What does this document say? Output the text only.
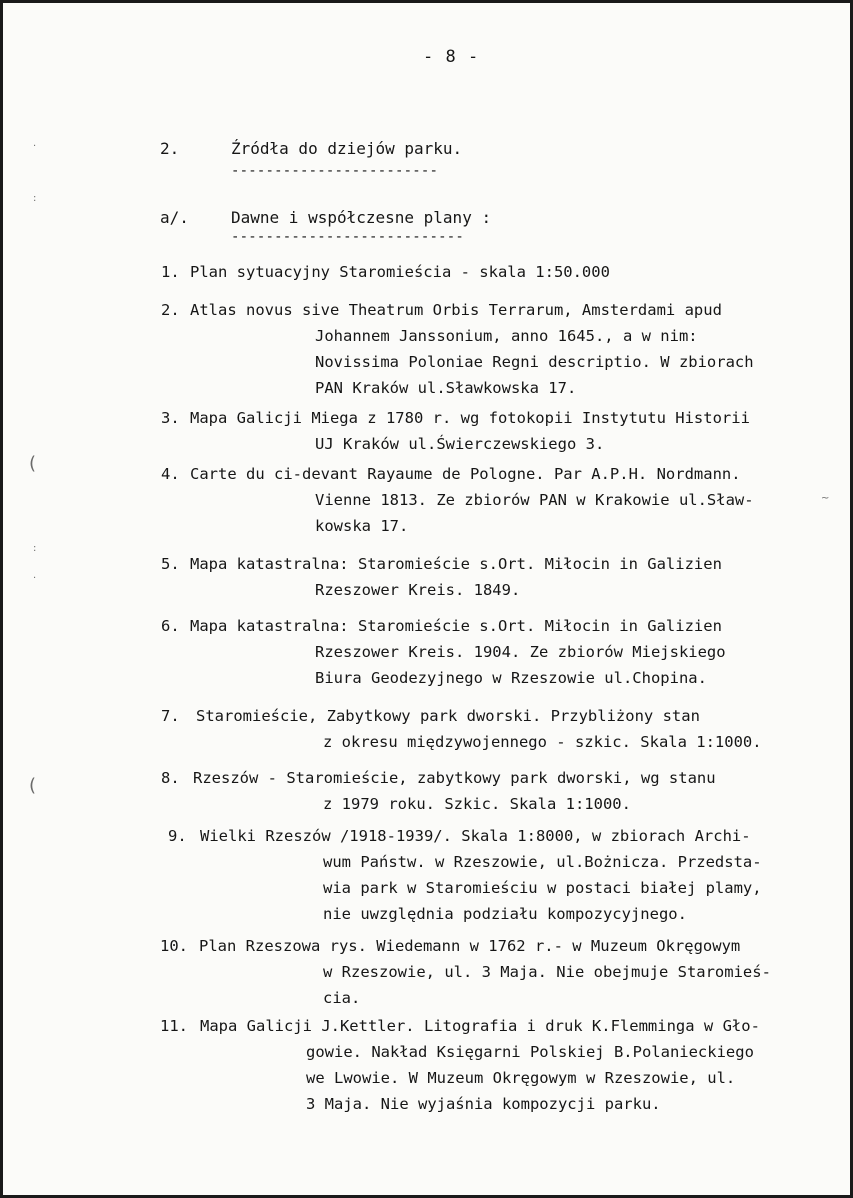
- 8 -
2.	Źródła do dziejów parku.
------------------------
a/.	Dawne i współczesne plany :
---------------------------
1. Plan sytuacyjny Staromieścia - skala 1:50.000
2. Atlas novus sive Theatrum Orbis Terrarum, Amsterdami apud
Johannem Janssonium, anno 1645., a w nim:
Novissima Poloniae Regni descriptio. W zbiorach
PAN Kraków ul.Sławkowska 17.
3. Mapa Galicji Miega z 1780 r. wg fotokopii Instytutu Historii
UJ Kraków ul.Świerczewskiego 3.
4. Carte du ci-devant Rayaume de Pologne. Par A.P.H. Nordmann.
Vienne 1813. Ze zbiorów PAN w Krakowie ul.Sław-
kowska 17.
5. Mapa katastralna: Staromieście s.Ort. Miłocin in Galizien
Rzeszower Kreis. 1849.
6. Mapa katastralna: Staromieście s.Ort. Miłocin in Galizien
Rzeszower Kreis. 1904. Ze zbiorów Miejskiego
Biura Geodezyjnego w Rzeszowie ul.Chopina.
7. Staromieście, Zabytkowy park dworski. Przybliżony stan
z okresu międzywojennego - szkic. Skala 1:1000.
8. Rzeszów - Staromieście, zabytkowy park dworski, wg stanu
z 1979 roku. Szkic. Skala 1:1000.
9. Wielki Rzeszów /1918-1939/. Skala 1:8000, w zbiorach Archi-
wum Państw. w Rzeszowie, ul.Bożnicza. Przedsta-
wia park w Staromieściu w postaci białej plamy,
nie uwzględnia podziału kompozycyjnego.
10. Plan Rzeszowa rys. Wiedemann w 1762 r.- w Muzeum Okręgowym
w Rzeszowie, ul. 3 Maja. Nie obejmuje Staromieś-
cia.
11. Mapa Galicji J.Kettler. Litografia i druk K.Flemminga w Gło-
gowie. Nakład Księgarni Polskiej B.Polanieckiego
we Lwowie. W Muzeum Okręgowym w Rzeszowie, ul.
3 Maja. Nie wyjaśnia kompozycji parku.
·
:
(
:
·
(
~
